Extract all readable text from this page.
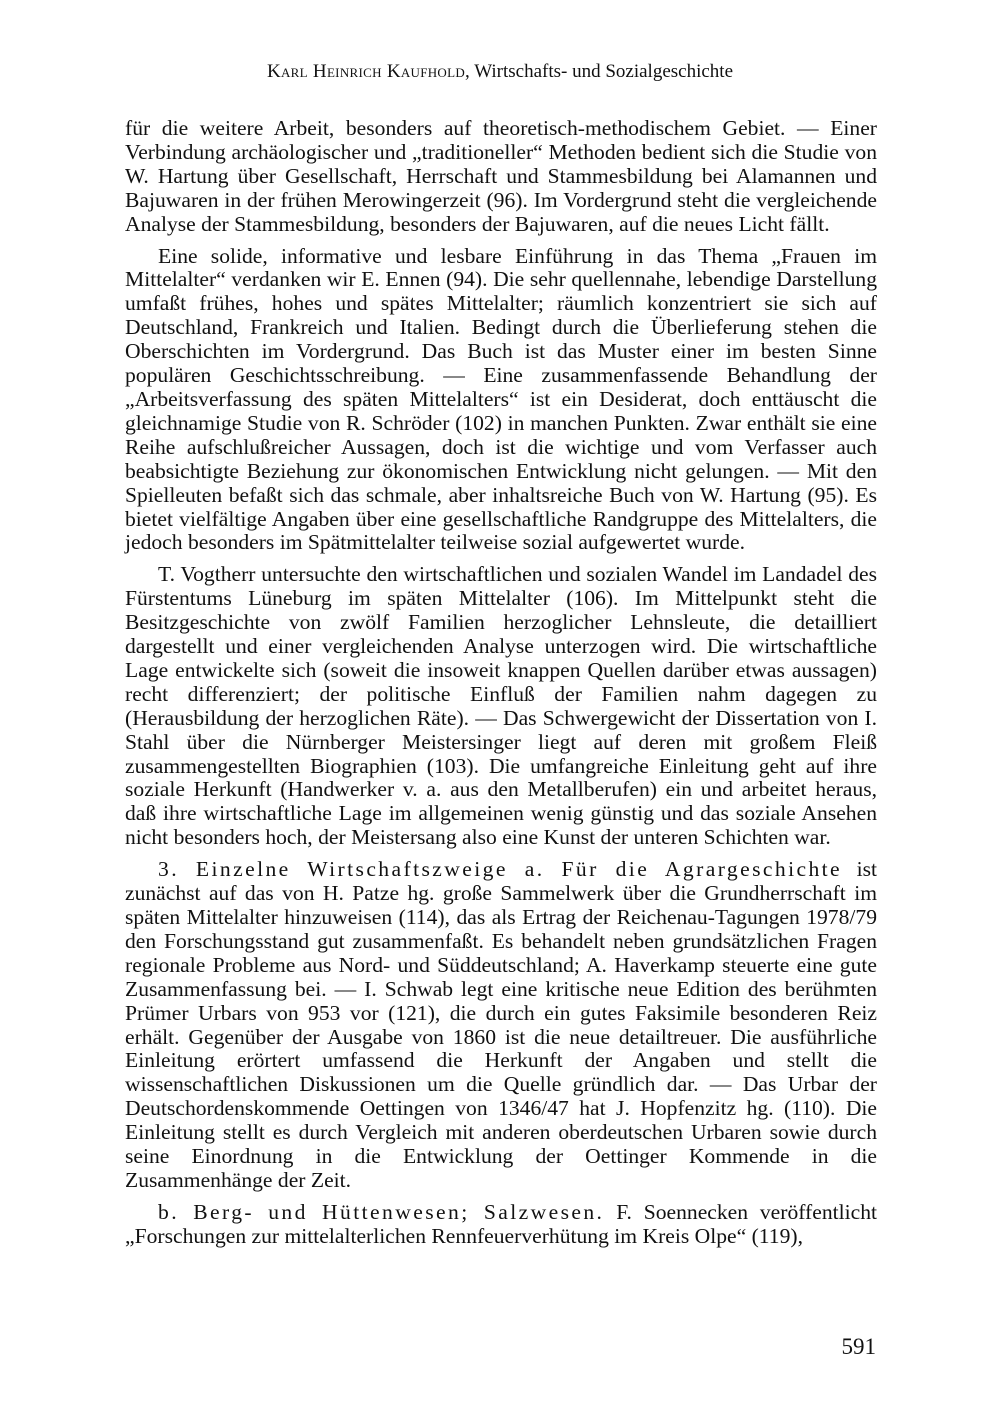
Karl Heinrich Kaufhold, Wirtschafts- und Sozialgeschichte

für die weitere Arbeit, besonders auf theoretisch-methodischem Gebiet. — Einer Verbindung archäologischer und „traditioneller“ Methoden bedient sich die Studie von W. Hartung über Gesellschaft, Herrschaft und Stammesbildung bei Alamannen und Bajuwaren in der frühen Merowingerzeit (96). Im Vordergrund steht die vergleichende Analyse der Stammesbildung, besonders der Bajuwaren, auf die neues Licht fällt.

Eine solide, informative und lesbare Einführung in das Thema „Frauen im Mittelalter“ verdanken wir E. Ennen (94). Die sehr quellennahe, lebendige Darstellung umfaßt frühes, hohes und spätes Mittelalter; räumlich konzentriert sie sich auf Deutschland, Frankreich und Italien. Bedingt durch die Überlieferung stehen die Oberschichten im Vordergrund. Das Buch ist das Muster einer im besten Sinne populären Geschichtsschreibung. — Eine zusammenfassende Behandlung der „Arbeitsverfassung des späten Mittelalters“ ist ein Desiderat, doch enttäuscht die gleichnamige Studie von R. Schröder (102) in manchen Punkten. Zwar enthält sie eine Reihe aufschlußreicher Aussagen, doch ist die wichtige und vom Verfasser auch beabsichtigte Beziehung zur ökonomischen Entwicklung nicht gelungen. — Mit den Spielleuten befaßt sich das schmale, aber inhaltsreiche Buch von W. Hartung (95). Es bietet vielfältige Angaben über eine gesellschaftliche Randgruppe des Mittelalters, die jedoch besonders im Spätmittelalter teilweise sozial aufgewertet wurde.

T. Vogtherr untersuchte den wirtschaftlichen und sozialen Wandel im Landadel des Fürstentums Lüneburg im späten Mittelalter (106). Im Mittelpunkt steht die Besitzgeschichte von zwölf Familien herzoglicher Lehnsleute, die detailliert dargestellt und einer vergleichenden Analyse unterzogen wird. Die wirtschaftliche Lage entwickelte sich (soweit die insoweit knappen Quellen darüber etwas aussagen) recht differenziert; der politische Einfluß der Familien nahm dagegen zu (Herausbildung der herzoglichen Räte). — Das Schwergewicht der Dissertation von I. Stahl über die Nürnberger Meistersinger liegt auf deren mit großem Fleiß zusammengestellten Biographien (103). Die umfangreiche Einleitung geht auf ihre soziale Herkunft (Handwerker v. a. aus den Metallberufen) ein und arbeitet heraus, daß ihre wirtschaftliche Lage im allgemeinen wenig günstig und das soziale Ansehen nicht besonders hoch, der Meistersang also eine Kunst der unteren Schichten war.

3. Einzelne Wirtschaftszweige a. Für die Agrargeschichte ist zunächst auf das von H. Patze hg. große Sammelwerk über die Grundherrschaft im späten Mittelalter hinzuweisen (114), das als Ertrag der Reichenau-Tagungen 1978/79 den Forschungsstand gut zusammenfaßt. Es behandelt neben grundsätzlichen Fragen regionale Probleme aus Nord- und Süddeutschland; A. Haverkamp steuerte eine gute Zusammenfassung bei. — I. Schwab legt eine kritische neue Edition des berühmten Prümer Urbars von 953 vor (121), die durch ein gutes Faksimile besonderen Reiz erhält. Gegenüber der Ausgabe von 1860 ist die neue detailtreuer. Die ausführliche Einleitung erörtert umfassend die Herkunft der Angaben und stellt die wissenschaftlichen Diskussionen um die Quelle gründlich dar. — Das Urbar der Deutschordenskommende Oettingen von 1346/47 hat J. Hopfenzitz hg. (110). Die Einleitung stellt es durch Vergleich mit anderen oberdeutschen Urbaren sowie durch seine Einordnung in die Entwicklung der Oettinger Kommende in die Zusammenhänge der Zeit.

b. Berg- und Hüttenwesen; Salzwesen. F. Soennecken veröffentlicht „Forschungen zur mittelalterlichen Rennfeuerverhütung im Kreis Olpe“ (119),

591
